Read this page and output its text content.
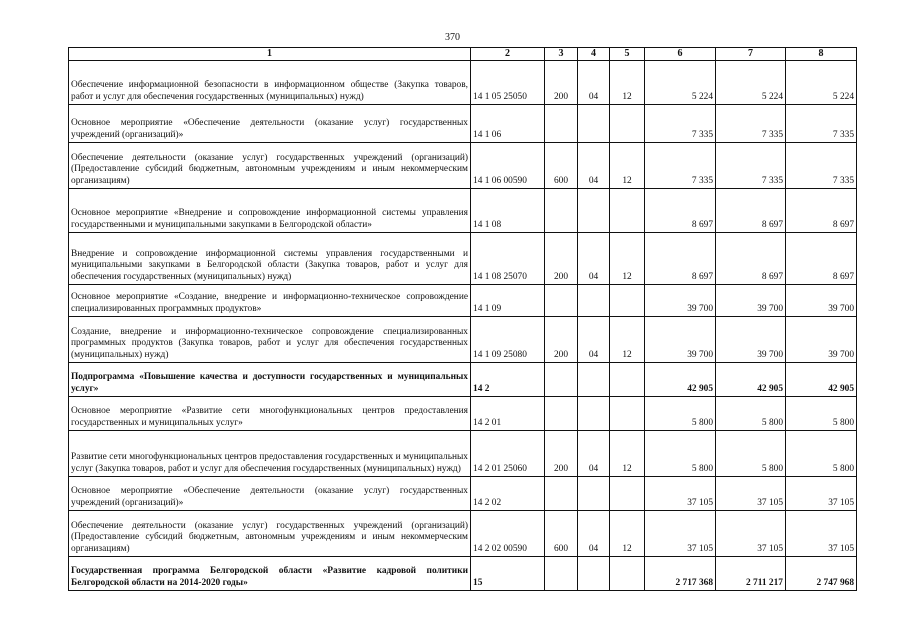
370
1	2	3	4	5	6	7	8
Обеспечение информационной безопасности в информационном обществе (Закупка товаров, работ и услуг для обеспечения государственных (муниципальных) нужд)	14 1 05 25050	200	04	12	5 224	5 224	5 224
Основное мероприятие «Обеспечение деятельности (оказание услуг) государственных учреждений (организаций)»	14 1 06				7 335	7 335	7 335
Обеспечение деятельности (оказание услуг) государственных учреждений (организаций) (Предоставление субсидий бюджетным, автономным учреждениям и иным некоммерческим организациям)	14 1 06 00590	600	04	12	7 335	7 335	7 335
Основное мероприятие «Внедрение и сопровождение информационной системы управления государственными и муниципальными закупками в Белгородской области»	14 1 08				8 697	8 697	8 697
Внедрение и сопровождение информационной системы управления государственными и муниципальными закупками в Белгородской области (Закупка товаров, работ и услуг для обеспечения государственных (муниципальных) нужд)	14 1 08 25070	200	04	12	8 697	8 697	8 697
Основное мероприятие «Создание, внедрение и информационно-техническое сопровождение специализированных программных продуктов»	14 1 09				39 700	39 700	39 700
Создание, внедрение и информационно-техническое сопровождение специализированных программных продуктов (Закупка товаров, работ и услуг для обеспечения государственных (муниципальных) нужд)	14 1 09 25080	200	04	12	39 700	39 700	39 700
Подпрограмма «Повышение качества и доступности государственных и муниципальных услуг»	14 2				42 905	42 905	42 905
Основное мероприятие «Развитие сети многофункциональных центров предоставления государственных и муниципальных услуг»	14 2 01				5 800	5 800	5 800
Развитие сети многофункциональных центров предоставления государственных и муниципальных услуг (Закупка товаров, работ и услуг для обеспечения государственных (муниципальных) нужд)	14 2 01 25060	200	04	12	5 800	5 800	5 800
Основное мероприятие «Обеспечение деятельности (оказание услуг) государственных учреждений (организаций)»	14 2 02				37 105	37 105	37 105
Обеспечение деятельности (оказание услуг) государственных учреждений (организаций) (Предоставление субсидий бюджетным, автономным учреждениям и иным некоммерческим организациям)	14 2 02 00590	600	04	12	37 105	37 105	37 105
Государственная программа Белгородской области «Развитие кадровой политики Белгородской области на 2014-2020 годы»	15				2 717 368	2 711 217	2 747 968
